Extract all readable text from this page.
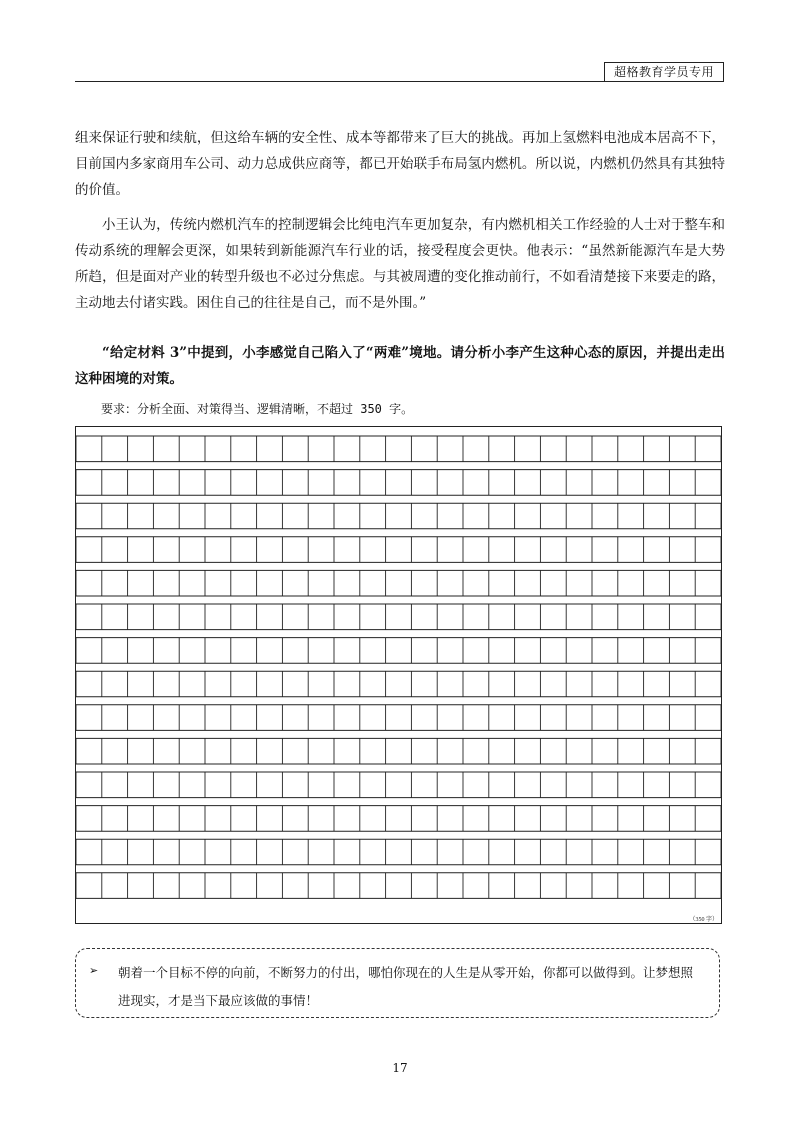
超格教育学员专用

组来保证行驶和续航，但这给车辆的安全性、成本等都带来了巨大的挑战。再加上氢燃料电池成本居高不下，目前国内多家商用车公司、动力总成供应商等，都已开始联手布局氢内燃机。所以说，内燃机仍然具有其独特的价值。

小王认为，传统内燃机汽车的控制逻辑会比纯电汽车更加复杂，有内燃机相关工作经验的人士对于整车和传动系统的理解会更深，如果转到新能源汽车行业的话，接受程度会更快。他表示：“虽然新能源汽车是大势所趋，但是面对产业的转型升级也不必过分焦虑。与其被周遭的变化推动前行，不如看清楚接下来要走的路，主动地去付诸实践。困住自己的往往是自己，而不是外围。”

“给定材料 3”中提到，小李感觉自己陷入了“两难”境地。请分析小李产生这种心态的原因，并提出走出这种困境的对策。

要求：分析全面、对策得当、逻辑清晰，不超过 350 字。

（350 字）
➢ 朝着一个目标不停的向前，不断努力的付出，哪怕你现在的人生是从零开始，你都可以做得到。让梦想照进现实，才是当下最应该做的事情！

17
